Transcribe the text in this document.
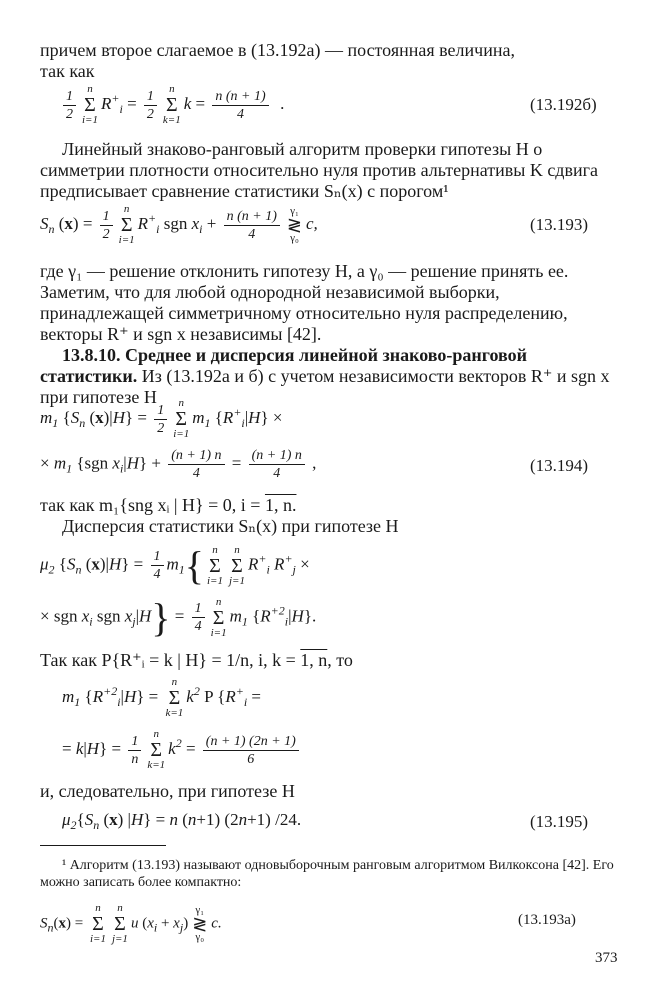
причем второе слагаемое в (13.192а) — постоянная величина,
так как
$\frac{1}{2}$	n
Σ
i=1
$R^+_i = \frac{1}{2}$	n
Σ
k=1
$k = \frac{n (n + 1)}{4}$ .	(13.192б)

Линейный знаково-ранговый алгоритм проверки гипотезы H о симметрии плотности относительно нуля против альтернативы K сдвига предписывает сравнение статистики Sₙ(x) с порогом¹

$S_n$ $(x) = \frac{1}{2}$	n
Σ
i=1
$R^+_i$ sgn $x_i + \frac{n (n + 1)}{4} \gamma_1$
≷
γ₀
c,	(13.193)

где γ₁ — решение отклонить гипотезу H, а γ₀ — решение принять ее. Заметим, что для любой однородной независимой выборки, принадлежащей симметричному относительно нуля распределению, векторы R⁺ и sgn x независимы [42].

13.8.10. Среднее и дисперсия линейной знаково-ранговой статистики. Из (13.192а и б) с учетом независимости векторов R⁺ и sgn x при гипотезе H

$m_1$ {$S_n$ $(x)|H\} = \frac{1}{2}$	n
Σ
i=1
$m_1$ $\{R^+_i|H\}$ ×
× $m_1$ {sgn $x_i|H\} + \frac{(n + 1) n}{4} = \frac{(n + 1) n}{4}$ ,	(13.194)
так как m₁{sng xᵢ | H} = 0, i = 1, n.
Дисперсия статистики Sₙ(x) при гипотезе H
$\mu_2$ {$S_n$ $(x)|H\} = \frac{1}{4} m_1${ n
Σ
i=1
n
Σ
j=1
$R^+_i$ $R^+_j$ ×
× sgn $x_i$ sgn $x_j|H\} = \frac{1}{4}$	n
Σ
i=1
$m_1$ $\{R^{+2}_i|H\}$.
Так как P{R⁺ᵢ = k | H} = 1/n, i, k = 1, n, то
$m_1$ $\{R^{+2}_i|H\}$ =
n
Σ
k=1
$k^2$ P {$R^+_i$ =
= $k|H\} = \frac{1}{n}$	n
Σ
k=1
$k^2 = \frac{(n + 1) (2n + 1)}{6}$
и, следовательно, при гипотезе H
$\mu_2\{S_n$ (x) |H} = n (n+1) (2n+1) /24.	(13.195)

¹ Алгоритм (13.193) называют одновыборочным ранговым алгоритмом Вилкоксона [42]. Его можно записать более компактно:

$S_n(x)$ =
n
Σ
i=1
n
Σ
j=1
u $(x_i + x_j)$
γ₁
≷
γ₀
c.	(13.193а)
373
